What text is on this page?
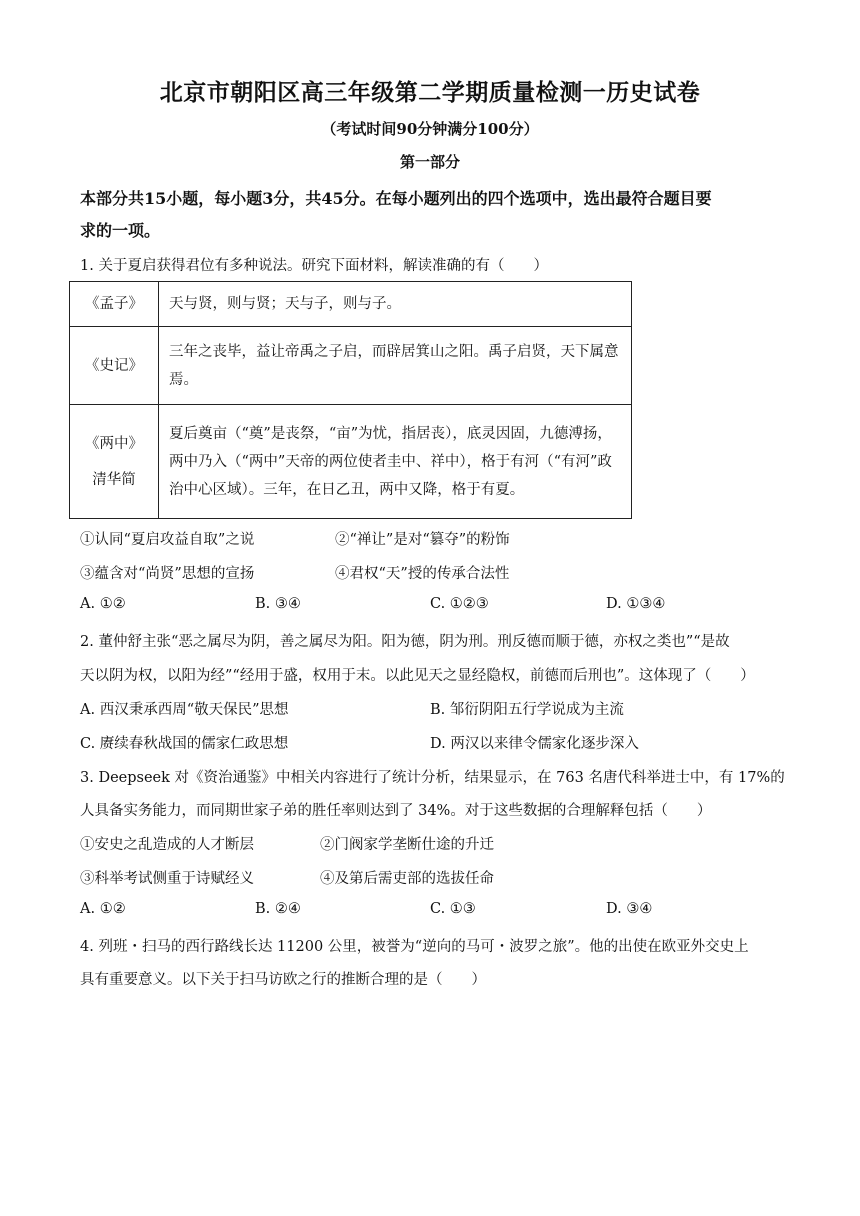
北京市朝阳区高三年级第二学期质量检测一历史试卷
（考试时间90分钟满分100分）
第一部分
本部分共15小题，每小题3分，共45分。在每小题列出的四个选项中，选出最符合题目要
求的一项。
1. 关于夏启获得君位有多种说法。研究下面材料，解读准确的有（　　）
《孟子》	天与贤，则与贤；天与子，则与子。
《史记》	三年之丧毕，益让帝禹之子启，而辟居箕山之阳。禹子启贤，天下属意焉。

《两中》
清华简	夏后奠亩（“奠”是丧祭，“亩”为忧，指居丧），底灵因固，九德溥扬，两中乃入（“两中”天帝的两位使者圭中、祥中），格于有河（“有河”政治中心区域）。三年，在日乙丑，两中又降，格于有夏。
①认同“夏启攻益自取”之说	②“禅让”是对“篡夺”的粉饰
③蕴含对“尚贤”思想的宣扬	④君权“天”授的传承合法性
A. ①②	B. ③④	C. ①②③	D. ①③④
2. 董仲舒主张“恶之属尽为阴，善之属尽为阳。阳为德，阴为刑。刑反德而顺于德，亦权之类也”“是故
天以阴为权，以阳为经”“经用于盛，权用于末。以此见天之显经隐权，前德而后刑也”。这体现了（　　）
A. 西汉秉承西周“敬天保民”思想	B. 邹衍阴阳五行学说成为主流
C. 赓续春秋战国的儒家仁政思想	D. 两汉以来律令儒家化逐步深入
3. Deepseek 对《资治通鉴》中相关内容进行了统计分析，结果显示，在 763 名唐代科举进士中，有 17%的
人具备实务能力，而同期世家子弟的胜任率则达到了 34%。对于这些数据的合理解释包括（　　）
①安史之乱造成的人才断层	②门阀家学垄断仕途的升迁
③科举考试侧重于诗赋经义	④及第后需吏部的选拔任命
A. ①②	B. ②④	C. ①③	D. ③④
4. 列班・扫马的西行路线长达 11200 公里，被誉为“逆向的马可・波罗之旅”。他的出使在欧亚外交史上
具有重要意义。以下关于扫马访欧之行的推断合理的是（　　）
